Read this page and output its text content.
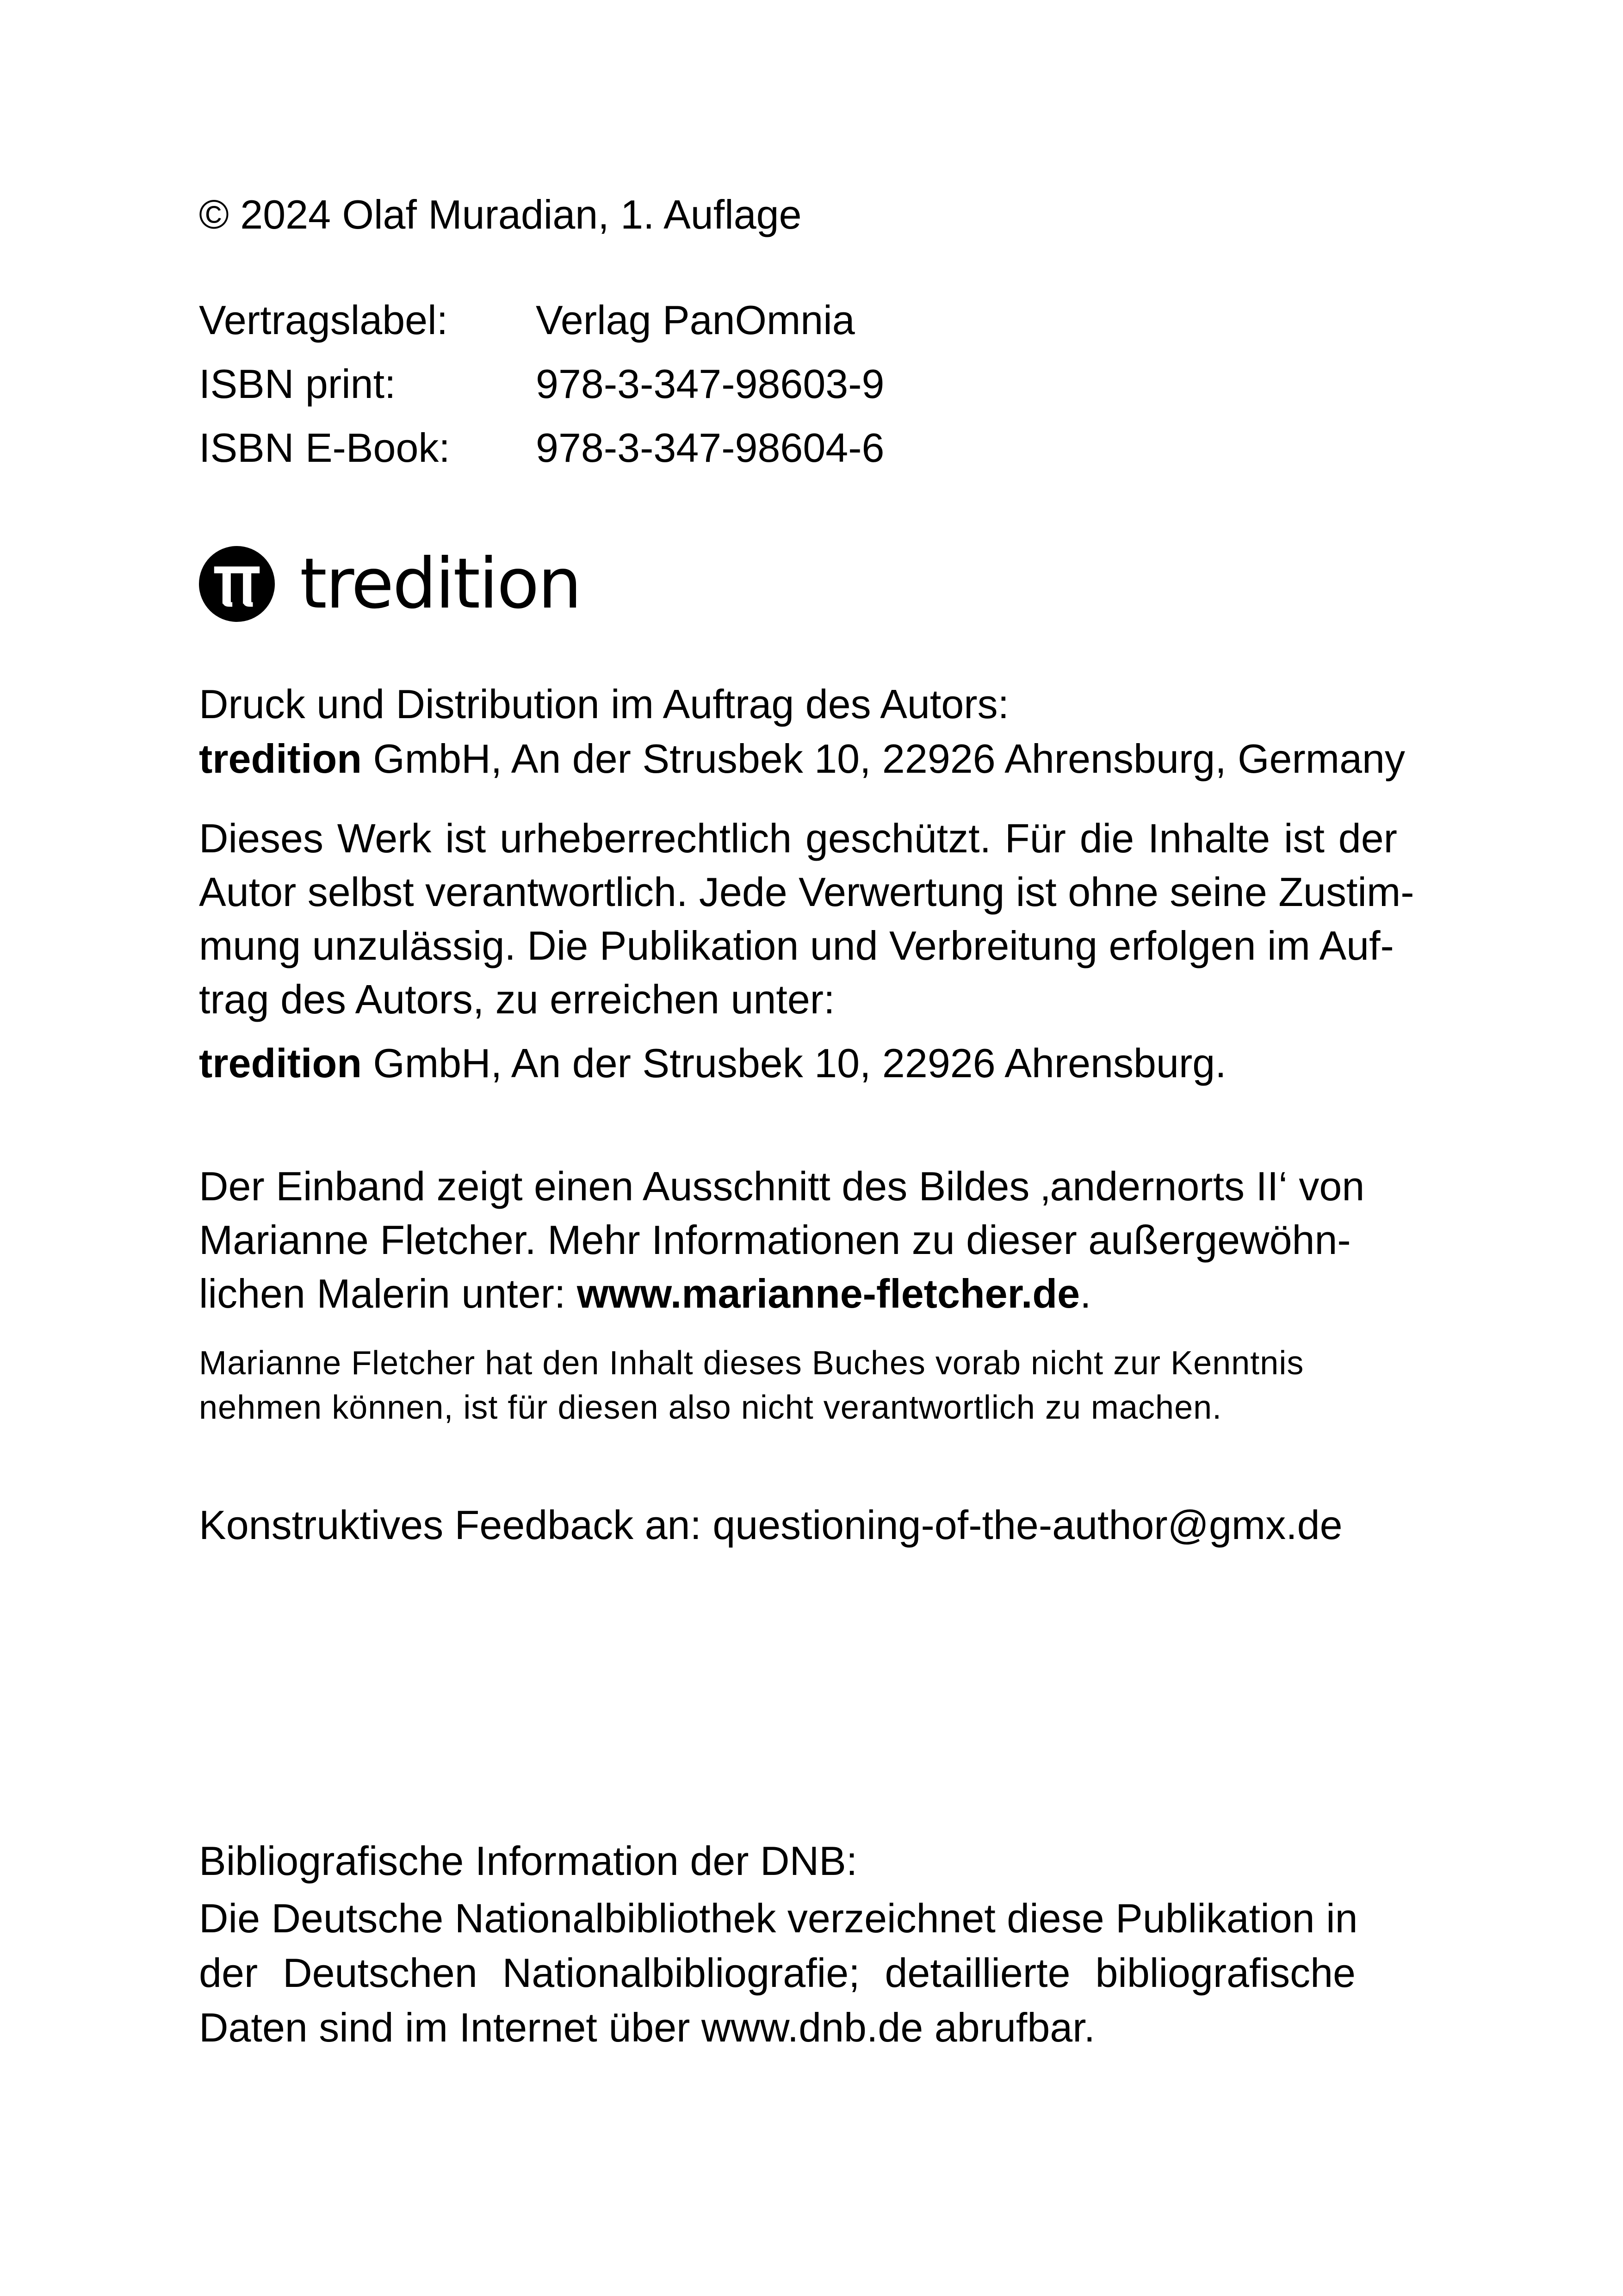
© 2024 Olaf Muradian, 1. Auflage
Vertragslabel: Verlag PanOmnia
ISBN print:	978-3-347-98603-9
ISBN E-Book: 978-3-347-98604-6
tredition
Druck und Distribution im Auftrag des Autors:
tredition GmbH, An der Strusbek 10, 22926 Ahrensburg, Germany
Dieses Werk ist urheberrechtlich geschützt. Für die Inhalte ist der
Autor selbst verantwortlich. Jede Verwertung ist ohne seine Zustim-
mung unzulässig. Die Publikation und Verbreitung erfolgen im Auf-
trag des Autors, zu erreichen unter:
tredition GmbH, An der Strusbek 10, 22926 Ahrensburg.
Der Einband zeigt einen Ausschnitt des Bildes ‚andernorts II‘ von
Marianne Fletcher. Mehr Informationen zu dieser außergewöhn-
lichen Malerin unter: www.marianne-fletcher.de.
Marianne Fletcher hat den Inhalt dieses Buches vorab nicht zur Kenntnis
nehmen können, ist für diesen also nicht verantwortlich zu machen.
Konstruktives Feedback an: questioning-of-the-author@gmx.de
Bibliografische Information der DNB:
Die Deutsche Nationalbibliothek verzeichnet diese Publikation in
der Deutschen Nationalbibliografie; detaillierte bibliografische
Daten sind im Internet über www.dnb.de abrufbar.
